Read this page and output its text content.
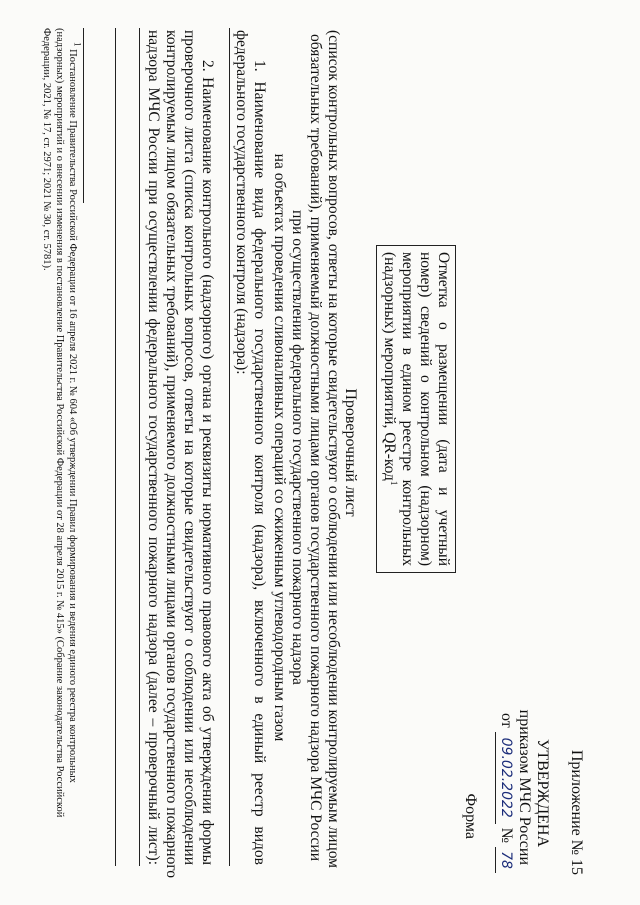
Приложение № 15
УТВЕРЖДЕНА
приказом МЧС России
от 09.02.2022 № 78
Форма
Отметка о размещении (дата и учетный
номер) сведений о контрольном (надзорном)
мероприятии в едином реестре контрольных
(надзорных) мероприятий, QR-код$^1$
Проверочный лист
(список контрольных вопросов, ответы на которые свидетельствуют о соблюдении или несоблюдении контролируемым лицом
обязательных требований), применяемый должностными лицами органов государственного пожарного надзора МЧС России
при осуществлении федерального государственного пожарного надзора
на объектах проведения сливоналивных операций со сжиженным углеводородным газом
1. Наименование вида федерального государственного контроля (надзора), включенного в единый реестр видов
федерального государственного контроля (надзора):
2. Наименование контрольного (надзорного) органа и реквизиты нормативного правового акта об утверждении формы
проверочного листа (списка контрольных вопросов, ответы на которые свидетельствуют о соблюдении или несоблюдении
контролируемым лицом обязательных требований), применяемого должностными лицами органов государственного пожарного
надзора МЧС России при осуществлении федерального государственного пожарного надзора (далее – проверочный лист):
1 Постановление Правительства Российской Федерации от 16 апреля 2021 г. № 604 «Об утверждении Правил формирования и ведения единого реестра контрольных
(надзорных) мероприятий и о внесении изменения в постановление Правительства Российской Федерации от 28 апреля 2015 г. № 415» (Собрание законодательства Российской
Федерации, 2021, № 17, ст. 2971; 2021 № 30, ст. 5781).
